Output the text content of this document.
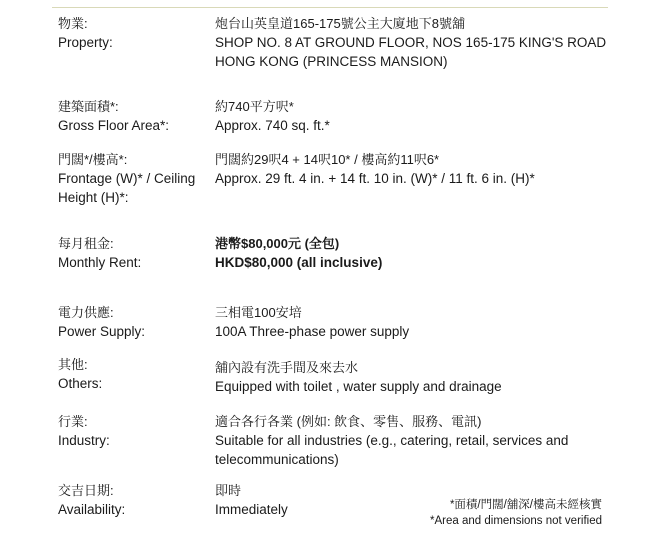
物業:
Property:
炮台山英皇道165-175號公主大廈地下8號舖
SHOP NO. 8 AT GROUND FLOOR, NOS 165-175 KING'S ROAD HONG KONG (PRINCESS MANSION)
建築面積*:
Gross Floor Area*:
約740平方呎*
Approx. 740 sq. ft.*
門闊*/樓高*:
Frontage (W)* / Ceiling Height (H)*:
門闊約29呎4 + 14呎10* / 樓高約11呎6*
Approx. 29 ft. 4 in. + 14 ft. 10 in. (W)* / 11 ft. 6 in. (H)*
每月租金:
Monthly Rent:
港幣$80,000元 (全包)
HKD$80,000 (all inclusive)
電力供應:
Power Supply:
三相電100安培
100A Three-phase power supply
其他:
Others:
舖內設有洗手間及來去水
Equipped with toilet , water supply and drainage
行業:
Industry:
適合各行各業 (例如: 飲食、零售、服務、電訊)
Suitable for all industries (e.g., catering, retail, services and telecommunications)
交吉日期:
Availability:
即時
Immediately	*面積/門闊/舖深/樓高未經核實
*Area and dimensions not verified
